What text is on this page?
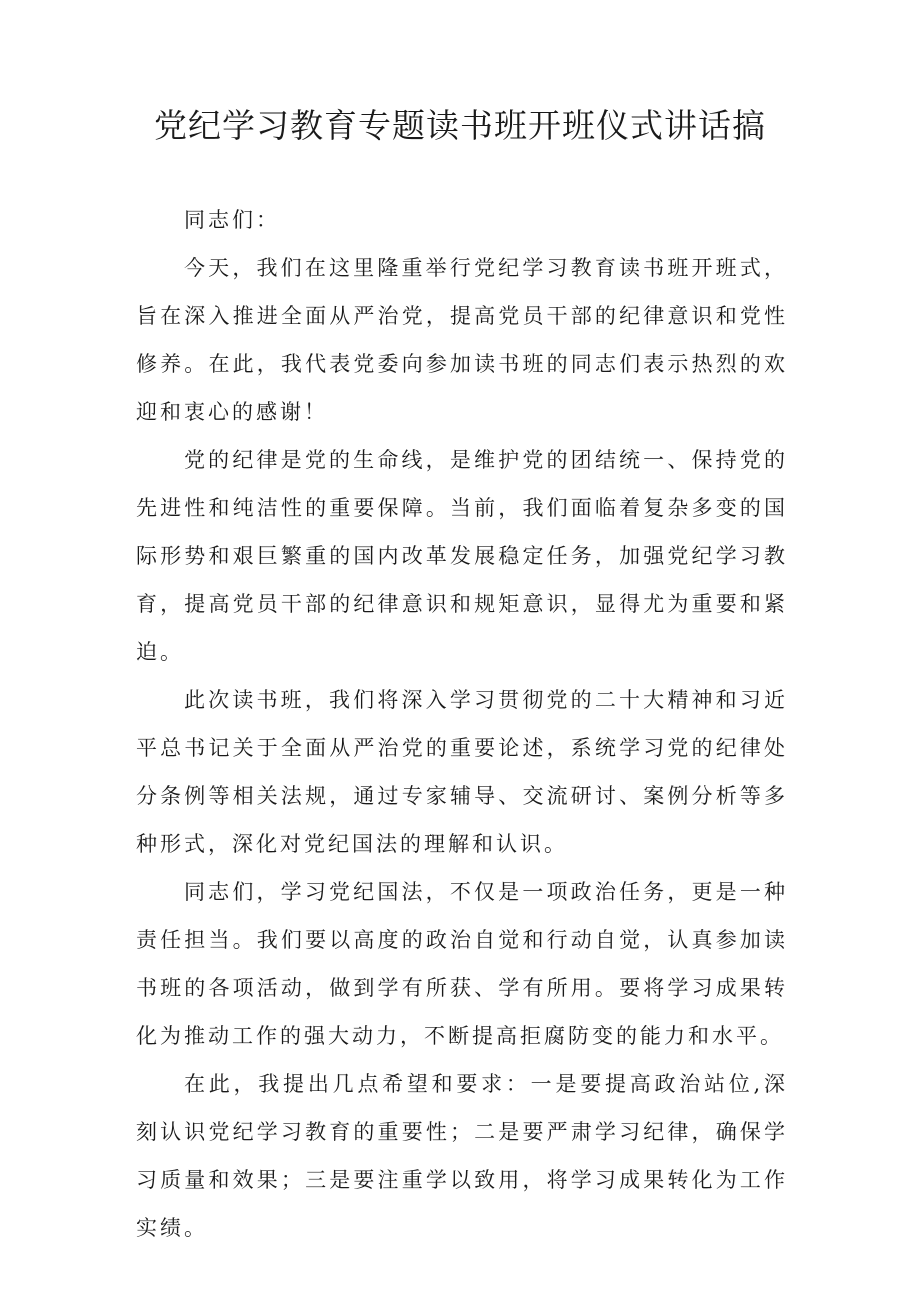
党纪学习教育专题读书班开班仪式讲话搞

同志们：

今天，我们在这里隆重举行党纪学习教育读书班开班式，旨在深入推进全面从严治党，提高党员干部的纪律意识和党性修养。在此，我代表党委向参加读书班的同志们表示热烈的欢迎和衷心的感谢！

党的纪律是党的生命线，是维护党的团结统一、保持党的先进性和纯洁性的重要保障。当前，我们面临着复杂多变的国际形势和艰巨繁重的国内改革发展稳定任务，加强党纪学习教育，提高党员干部的纪律意识和规矩意识，显得尤为重要和紧迫。

此次读书班，我们将深入学习贯彻党的二十大精神和习近平总书记关于全面从严治党的重要论述，系统学习党的纪律处分条例等相关法规，通过专家辅导、交流研讨、案例分析等多种形式，深化对党纪国法的理解和认识。

同志们，学习党纪国法，不仅是一项政治任务，更是一种责任担当。我们要以高度的政治自觉和行动自觉，认真参加读书班的各项活动，做到学有所获、学有所用。要将学习成果转化为推动工作的强大动力，不断提高拒腐防变的能力和水平。

在此，我提出几点希望和要求：一是要提高政治站位,深刻认识党纪学习教育的重要性；二是要严肃学习纪律，确保学习质量和效果；三是要注重学以致用，将学习成果转化为工作实绩。
